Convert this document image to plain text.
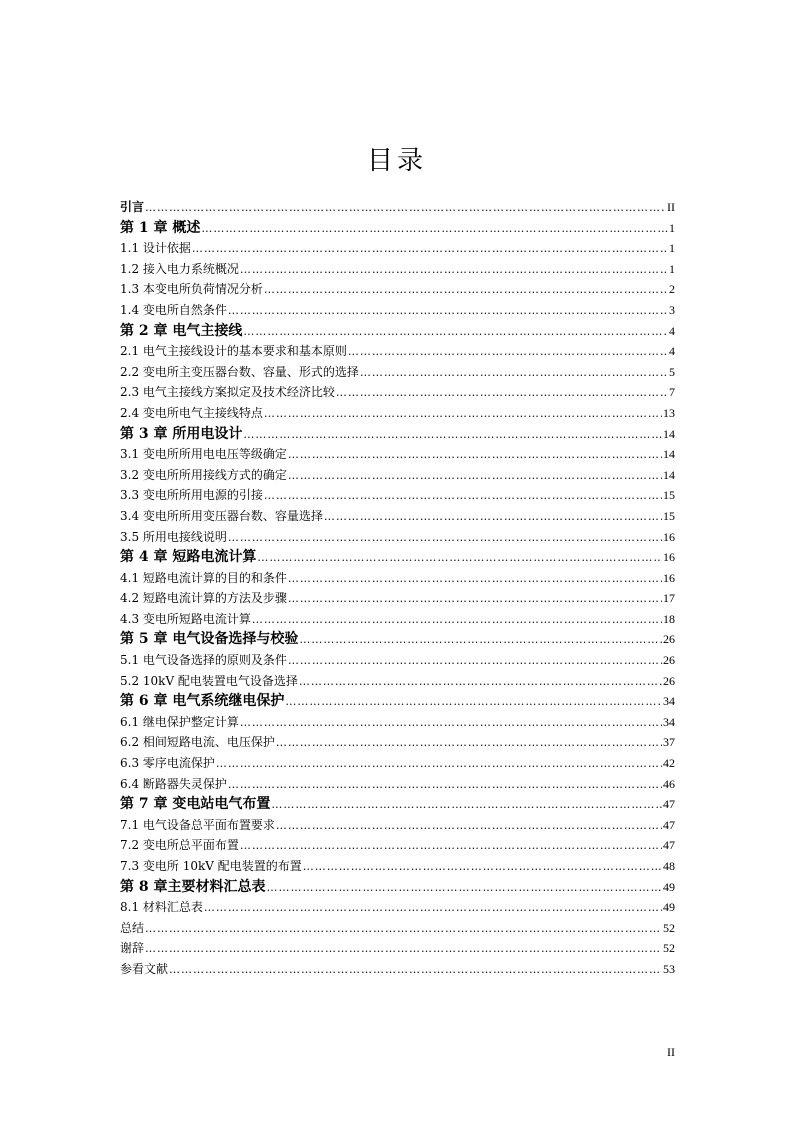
目录
引言 ………………………………………………………………………………………………………………………………………………	II
第 1 章 概述 ………………………………………………………………………………………………………………………………………………	1
1.1 设计依据 ………………………………………………………………………………………………………………………………………………	1
1.2 接入电力系统概况 ………………………………………………………………………………………………………………………………………………	1
1.3 本变电所负荷情况分析 ………………………………………………………………………………………………………………………………………………	2
1.4 变电所自然条件 ………………………………………………………………………………………………………………………………………………	3
第 2 章 电气主接线 ………………………………………………………………………………………………………………………………………………	4
2.1 电气主接线设计的基本要求和基本原则 ………………………………………………………………………………………………………………………………………………	4
2.2 变电所主变压器台数、容量、形式的选择 ………………………………………………………………………………………………………………………………………………	5
2.3 电气主接线方案拟定及技术经济比较 ………………………………………………………………………………………………………………………………………………	7
2.4 变电所电气主接线特点 ………………………………………………………………………………………………………………………………………………	13
第 3 章 所用电设计 ………………………………………………………………………………………………………………………………………………	14
3.1 变电所所用电电压等级确定 ………………………………………………………………………………………………………………………………………………	14
3.2 变电所所用接线方式的确定 ………………………………………………………………………………………………………………………………………………	14
3.3 变电所所用电源的引接 ………………………………………………………………………………………………………………………………………………	15
3.4 变电所所用变压器台数、容量选择 ………………………………………………………………………………………………………………………………………………	15
3.5 所用电接线说明 ………………………………………………………………………………………………………………………………………………	16
第 4 章 短路电流计算 ………………………………………………………………………………………………………………………………………………	16
4.1 短路电流计算的目的和条件 ………………………………………………………………………………………………………………………………………………	16
4.2 短路电流计算的方法及步骤 ………………………………………………………………………………………………………………………………………………	17
4.3 变电所短路电流计算 ………………………………………………………………………………………………………………………………………………	18
第 5 章 电气设备选择与校验 ………………………………………………………………………………………………………………………………………………	26
5.1 电气设备选择的原则及条件 ………………………………………………………………………………………………………………………………………………	26
5.2 10kV 配电装置电气设备选择 ………………………………………………………………………………………………………………………………………………	26
第 6 章 电气系统继电保护 ………………………………………………………………………………………………………………………………………………	34
6.1 继电保护整定计算 ………………………………………………………………………………………………………………………………………………	34
6.2 相间短路电流、电压保护 ………………………………………………………………………………………………………………………………………………	37
6.3 零序电流保护 ………………………………………………………………………………………………………………………………………………	42
6.4 断路器失灵保护 ………………………………………………………………………………………………………………………………………………	46
第 7 章 变电站电气布置 ………………………………………………………………………………………………………………………………………………	47
7.1 电气设备总平面布置要求 ………………………………………………………………………………………………………………………………………………	47
7.2 变电所总平面布置 ………………………………………………………………………………………………………………………………………………	47
7.3 变电所 10kV 配电装置的布置 ………………………………………………………………………………………………………………………………………………	48
第 8 章主要材料汇总表 ………………………………………………………………………………………………………………………………………………	49
8.1 材料汇总表 ………………………………………………………………………………………………………………………………………………	49
总结 ………………………………………………………………………………………………………………………………………………	52
谢辞 ………………………………………………………………………………………………………………………………………………	52
参看文献 ………………………………………………………………………………………………………………………………………………	53
II
